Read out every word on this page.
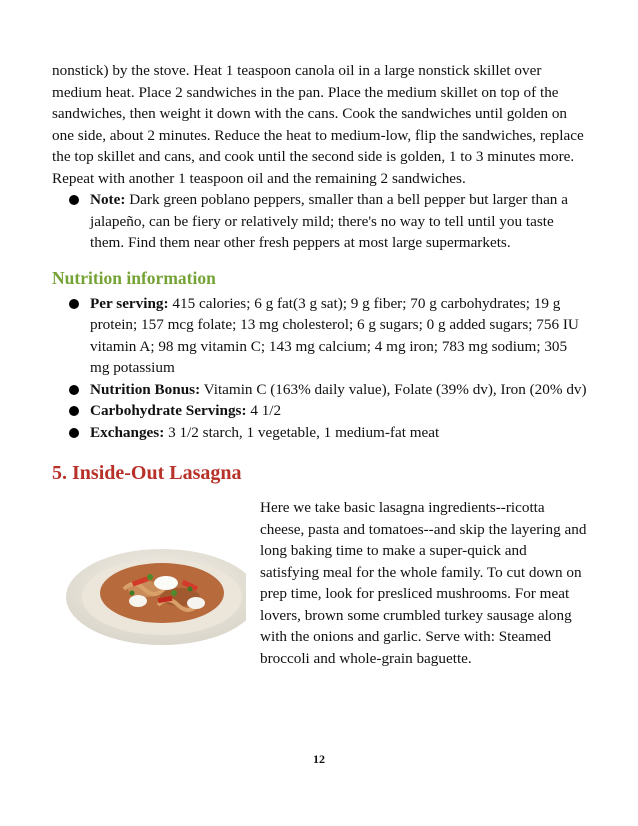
nonstick) by the stove. Heat 1 teaspoon canola oil in a large nonstick skillet over medium heat. Place 2 sandwiches in the pan. Place the medium skillet on top of the sandwiches, then weight it down with the cans. Cook the sandwiches until golden on one side, about 2 minutes. Reduce the heat to medium-low, flip the sandwiches, replace the top skillet and cans, and cook until the second side is golden, 1 to 3 minutes more. Repeat with another 1 teaspoon oil and the remaining 2 sandwiches.

Note: Dark green poblano peppers, smaller than a bell pepper but larger than a jalapeño, can be fiery or relatively mild; there's no way to tell until you taste them. Find them near other fresh peppers at most large supermarkets.
Nutrition information
Per serving: 415 calories; 6 g fat(3 g sat); 9 g fiber; 70 g carbohydrates; 19 g protein; 157 mcg folate; 13 mg cholesterol; 6 g sugars; 0 g added sugars; 756 IU vitamin A; 98 mg vitamin C; 143 mg calcium; 4 mg iron; 783 mg sodium; 305 mg potassium
Nutrition Bonus: Vitamin C (163% daily value), Folate (39% dv), Iron (20% dv)
Carbohydrate Servings: 4 1/2
Exchanges: 3 1/2 starch, 1 vegetable, 1 medium-fat meat
5. Inside-Out Lasagna

Here we take basic lasagna ingredients--ricotta cheese, pasta and tomatoes--and skip the layering and long baking time to make a super-quick and satisfying meal for the whole family. To cut down on prep time, look for presliced mushrooms. For meat lovers, brown some crumbled turkey sausage along with the onions and garlic. Serve with: Steamed broccoli and whole-grain baguette.

12
